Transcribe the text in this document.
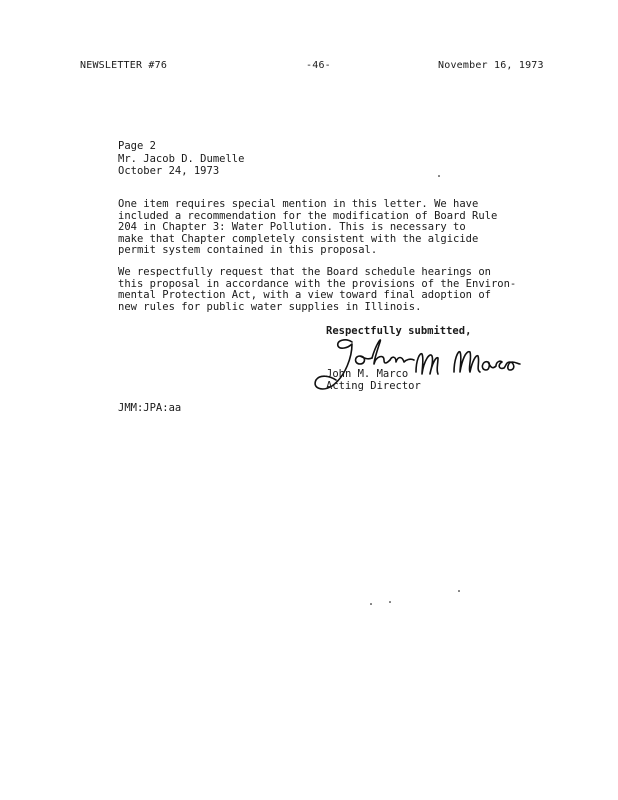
NEWSLETTER #76	-46-	November 16, 1973
Page 2
Mr. Jacob D. Dumelle
October 24, 1973

One item requires special mention in this letter. We have
included a recommendation for the modification of Board Rule
204 in Chapter 3: Water Pollution. This is necessary to
make that Chapter completely consistent with the algicide
permit system contained in this proposal.

We respectfully request that the Board schedule hearings on
this proposal in accordance with the provisions of the Environ-
mental Protection Act, with a view toward final adoption of
new rules for public water supplies in Illinois.

Respectfully submitted,
John M. Marco
Acting Director
JMM:JPA:aa
